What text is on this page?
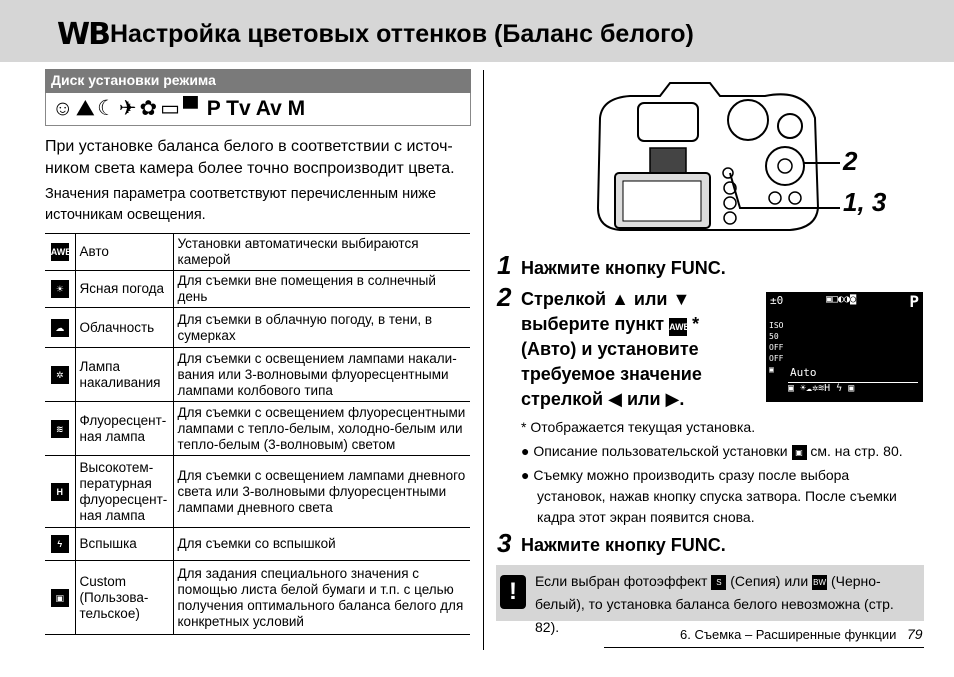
WB Настройка цветовых оттенков (Баланс белого)
Диск установки режима
☺ ⛰ ☾ ✈ ✿ ▭ ▀ P Tv Av M
При установке баланса белого в соответствии с источ-ником света камера более точно воспроизводит цвета.
Значения параметра соответствуют перечисленным ниже источникам освещения.
AWB	Авто	Установки автоматически выбираются камерой
☀	Ясная погода	Для съемки вне помещения в солнечный день
☁	Облачность	Для съемки в облачную погоду, в тени, в сумерках
✲	Лампа накаливания	Для съемки с освещением лампами накали-вания или 3-волновыми флуоресцентными лампами колбового типа
≋	Флуоресцент-ная лампа	Для съемки с освещением флуоресцентными лампами с тепло-белым, холодно-белым или тепло-белым (3-волновым) светом
H	Высокотем-пературная флуоресцент-ная лампа	Для съемки с освещением лампами дневного света или 3-волновыми флуоресцентными лампами дневного света
ϟ	Вспышка	Для съемки со вспышкой
▣	Custom (Пользова-тельское)	Для задания специального значения с помощью листа белой бумаги и т.п. с целью получения оптимального баланса белого для конкретных условий
2
1, 3
1 Нажмите кнопку FUNC.
2 Стрелкой ▲ или ▼
выберите пункт AWB *
(Авто) и установите
требуемое значение
стрелкой ◀ или ▶.
±0	▣□◐◑◙	P
ISO
50
OFF
OFF
▣	Auto
▣ ☀☁✲≋H ϟ ▣
* Отображается текущая установка.
● Описание пользовательской установки ▣ см. на стр. 80.
● Съемку можно производить сразу после выбора установок, нажав кнопку спуска затвора. После съемки кадра этот экран появится снова.
3 Нажмите кнопку FUNC.
!	Если выбран фотоэффект S (Сепия) или BW (Черно-белый), то установка баланса белого невозможна (стр. 82).	6. Съемка – Расширенные функции 79
